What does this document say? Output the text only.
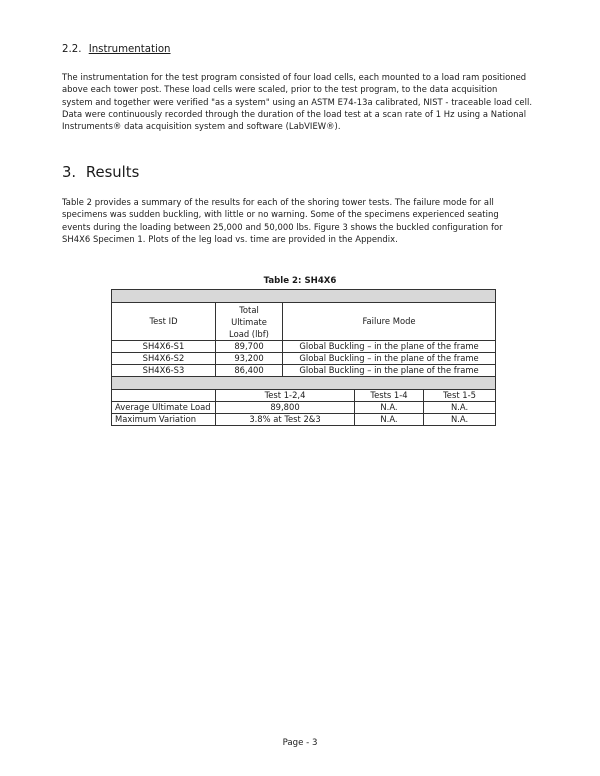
2.2. Instrumentation
The instrumentation for the test program consisted of four load cells, each mounted to a load ram positioned
above each tower post. These load cells were scaled, prior to the test program, to the data acquisition
system and together were verified "as a system" using an ASTM E74-13a calibrated, NIST - traceable load cell.
Data were continuously recorded through the duration of the load test at a scan rate of 1 Hz using a National
Instruments® data acquisition system and software (LabVIEW®).
3. Results
Table 2 provides a summary of the results for each of the shoring tower tests. The failure mode for all
specimens was sudden buckling, with little or no warning. Some of the specimens experienced seating
events during the loading between 25,000 and 50,000 lbs. Figure 3 shows the buckled configuration for
SH4X6 Specimen 1. Plots of the leg load vs. time are provided in the Appendix.
Table 2: SH4X6

Test ID	Total
Ultimate
Load (lbf)	Failure Mode		
SH4X6-S1	89,700	Global Buckling – in the plane of the frame		
SH4X6-S2	93,200	Global Buckling – in the plane of the frame		
SH4X6-S3	86,400	Global Buckling – in the plane of the frame		

	Test 1-2,4		Tests 1-4	Test 1-5
Average Ultimate Load	89,800		N.A.	N.A.
Maximum Variation	3.8% at Test 2&3		N.A.	N.A.
Page - 3
